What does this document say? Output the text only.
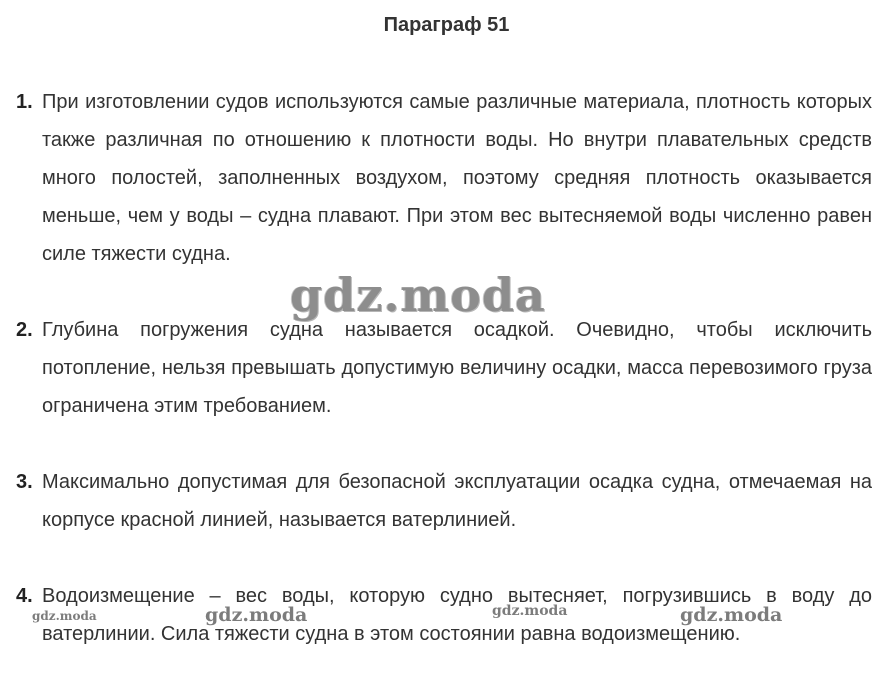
Параграф 51
1. При изготовлении судов используются самые различные материала, плотность которых также различная по отношению к плотности воды. Но внутри плавательных средств много полостей, заполненных воздухом, поэтому средняя плотность оказывается меньше, чем у воды – судна плавают. При этом вес вытесняемой воды численно равен силе тяжести судна.
2. Глубина погружения судна называется осадкой. Очевидно, чтобы исключить потопление, нельзя превышать допустимую величину осадки, масса перевозимого груза ограничена этим требованием.
3. Максимально допустимая для безопасной эксплуатации осадка судна, отмечаемая на корпусе красной линией, называется ватерлинией.
4. Водоизмещение – вес воды, которую судно вытесняет, погрузившись в воду до ватерлинии. Сила тяжести судна в этом состоянии равна водоизмещению.
gdz.moda
gdz.moda	gdz.moda	gdz.moda	gdz.moda
